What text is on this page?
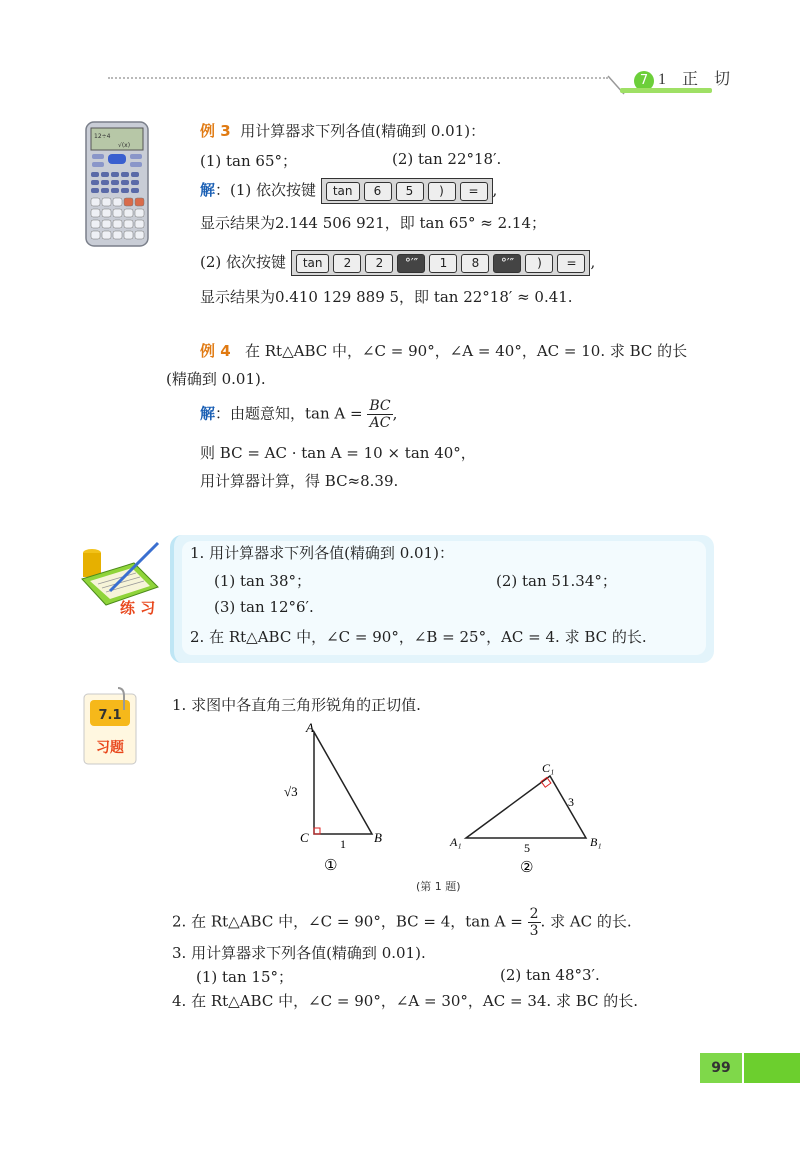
7 1 正 切
12÷4
√(x)
例 3 用计算器求下列各值(精确到 0.01)：
(1) tan 65°；	(2) tan 22°18′.
解：(1) 依次按键 tan 6 5 ) = ,
显示结果为2.144 506 921，即 tan 65° ≈ 2.14；
(2) 依次按键 tan 2 2 °′″ 1 8 °′″ ) = ,
显示结果为0.410 129 889 5，即 tan 22°18′ ≈ 0.41.
例 4 在 Rt△ABC 中，∠C = 90°，∠A = 40°，AC = 10. 求 BC 的长
(精确到 0.01).
解：由题意知，$\tan A = \frac{BC}{AC}$ ,
则 BC = AC · tan A = 10 × tan 40°，
用计算器计算，得 BC≈8.39.
练 习
1. 用计算器求下列各值(精确到 0.01)：
(1) tan 38°；	(2) tan 51.34°；
(3) tan 12°6′.
2. 在 Rt△ABC 中，∠C = 90°，∠B = 25°，AC = 4. 求 BC 的长.
7.1
习题
1. 求图中各直角三角形锐角的正切值.
A
C	B
√3
1
①
A₁
C₁
B₁
3
5
②
(第 1 题)
2. 在 Rt△ABC 中，∠C = 90°，BC = 4，$\tan A = \frac{2}{3}$ . 求 AC 的长.
3. 用计算器求下列各值(精确到 0.01).
(1) tan 15°；	(2) tan 48°3′.
4. 在 Rt△ABC 中，∠C = 90°，∠A = 30°，AC = 34. 求 BC 的长.
99
